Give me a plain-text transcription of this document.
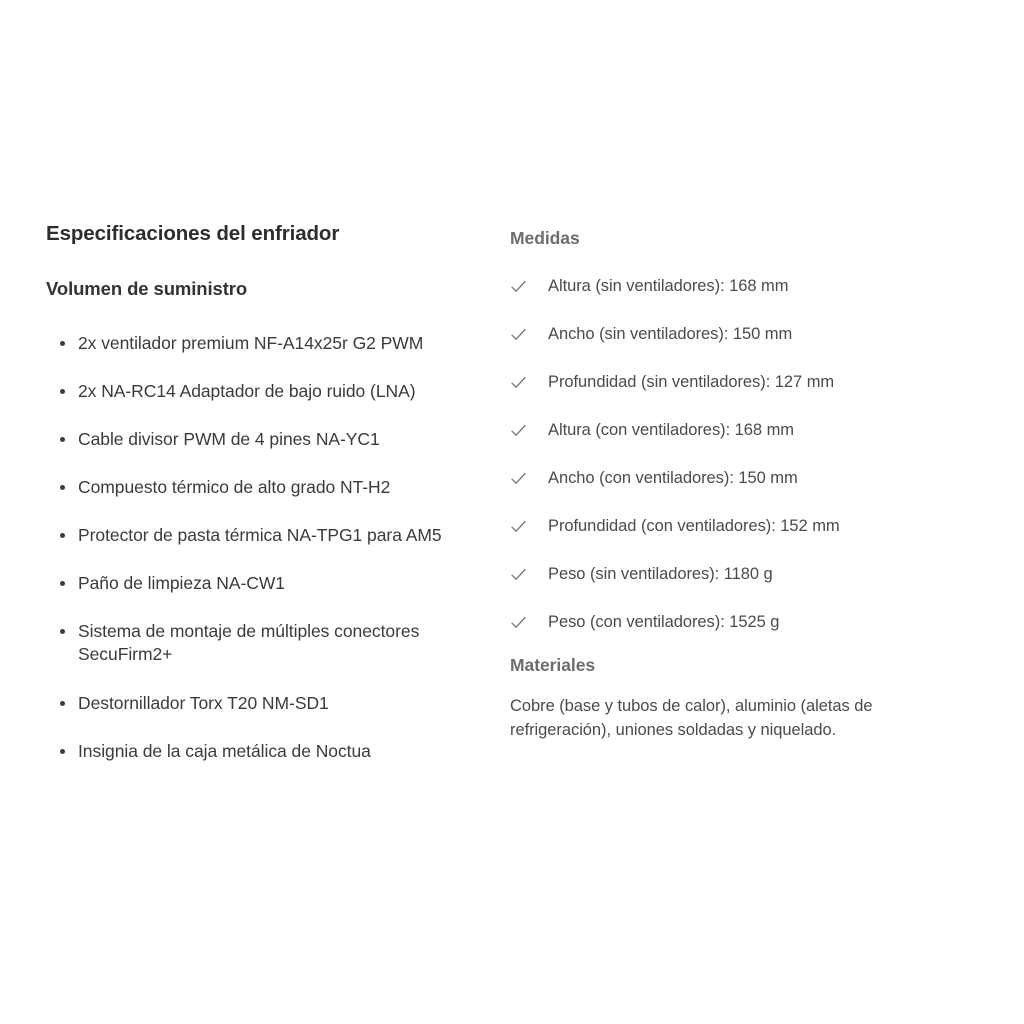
Especificaciones del enfriador
Volumen de suministro
2x ventilador premium NF-A14x25r G2 PWM
2x NA-RC14 Adaptador de bajo ruido (LNA)
Cable divisor PWM de 4 pines NA-YC1
Compuesto térmico de alto grado NT-H2
Protector de pasta térmica NA-TPG1 para AM5
Paño de limpieza NA-CW1
Sistema de montaje de múltiples conectores SecuFirm2+
Destornillador Torx T20 NM-SD1
Insignia de la caja metálica de Noctua
Medidas
Altura (sin ventiladores): 168 mm
Ancho (sin ventiladores): 150 mm
Profundidad (sin ventiladores): 127 mm
Altura (con ventiladores): 168 mm
Ancho (con ventiladores): 150 mm
Profundidad (con ventiladores): 152 mm
Peso (sin ventiladores): 1180 g
Peso (con ventiladores): 1525 g
Materiales

Cobre (base y tubos de calor), aluminio (aletas de refrigeración), uniones soldadas y niquelado.
